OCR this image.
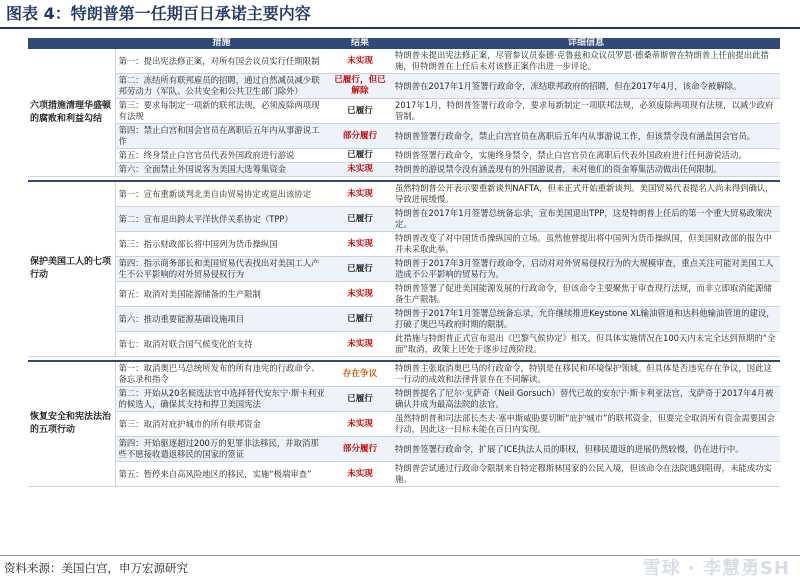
图表 4：特朗普第一任期百日承诺主要内容
	措施	结果	详细信息
六项措施清理华盛顿的腐败和利益勾结	第一：提出宪法修正案，对所有国会议员实行任期限制	未实现	特朗普未提出宪法修正案，尽管参议员泰德·克鲁兹和众议员罗恩·德桑蒂斯曾在特朗普上任前提出此措施，但特朗普在上任后未对该修正案作出进一步评论。
	第二：冻结所有联邦雇员的招聘，通过自然减员减少联邦劳动力（军队、公共安全和公共卫生部门除外）	已履行，但已解除	特朗普在2017年1月签署行政命令，冻结联邦政府的招聘，但在2017年4月，该命令被解除。
	第三：要求每制定一项新的联邦法规，必须废除两项现有法规	已履行	2017年1月，特朗普签署行政命令，要求每新制定一项联邦法规，必须废除两项现有法规，以减少政府管制。
	第四：禁止白宫和国会官员在离职后五年内从事游说工作	部分履行	特朗普签署行政命令，禁止白宫官员在离职后五年内从事游说工作，但该禁令没有涵盖国会官员。
	第五：终身禁止白宫官员代表外国政府进行游说	已履行	特朗普签署行政命令，实施终身禁令，禁止白宫官员在离职后代表外国政府进行任何游说活动。
	第六：全面禁止外国说客为美国大选筹集资金	未实现	特朗普的游说禁令没有涵盖现有的外国游说者，未对他们的资金筹集活动做出任何限制。

保护美国工人的七项行动	第一：宣布重新谈判北美自由贸易协定或退出该协定	未实现	虽然特朗普公开表示要重新谈判NAFTA，但未正式开始重新谈判。美国贸易代表提名人尚未得到确认，导致进展缓慢。
	第二：宣布退出跨太平洋伙伴关系协定（TPP）	已履行	特朗普在2017年1月签署总统备忘录，宣布美国退出TPP，这是特朗普上任后的第一个重大贸易政策决定。
	第三：指示财政部长将中国列为货币操纵国	未实现	特朗普改变了对中国货币操纵国的立场。虽然他曾提出将中国列为货币操纵国，但美国财政部的报告中并未采取此举。
	第四：指示商务部长和美国贸易代表找出对美国工人产生不公平影响的对外贸易侵权行为	已履行	特朗普于2017年3月签署行政命令，启动对对外贸易侵权行为的大规模审查，重点关注可能对美国工人造成不公平影响的贸易行为。
	第五：取消对美国能源储备的生产限制	未实现	特朗普签署了促进美国能源发展的行政命令，但该命令主要聚焦于审查现行法规，而非立即取消能源储备生产限制。
	第六：推动重要能源基础设施项目	已履行	特朗普于2017年1月签署总统备忘录，允许继续推进Keystone XL输油管道和达科他输油管道的建设，打破了奥巴马政府时期的限制。
	第七：取消对联合国气候变化的支持	未实现	此措施与特朗普正式宣布退出《巴黎气候协定》相关，但具体实施情况在100天内未完全达到预期的“全面”取消，政策上还处于逐步过渡阶段。

恢复安全和宪法法治的五项行动	第一：取消奥巴马总统所发布的所有违宪的行政命令、备忘录和指令	存在争议	特朗普主张取消奥巴马的行政命令，特别是在移民和环境保护领域。但具体是否违宪存在争议，因此这一行动的成效和法律背景存在不同解读。
	第二：开始从20名候选法官中选择替代安东宁·斯卡利亚的候选人，确保其支持和捍卫美国宪法	已履行	特朗普提名了尼尔·戈萨奇（Neil Gorsuch）替代已故的安东宁·斯卡利亚法官，戈萨奇于2017年4月被确认并成为最高法院的法官。
	第三：取消对庇护城市的所有联邦资金	未实现	虽然特朗普和司法部长杰夫·塞申斯威胁要切断“庇护城市”的联邦资金，但要完全取消所有资金需要国会行动，因此这一目标未能在百日内实现。
	第四：开始驱逐超过200万的犯罪非法移民，并取消那些不愿接收遣返移民的国家的签证	部分履行	特朗普签署行政命令，扩展了ICE执法人员的职权，但移民遣返的进展仍然较慢，仍在进行中。
	第五：暂停来自高风险地区的移民，实施“极端审查”	未实现	特朗普尝试通过行政命令限制来自特定穆斯林国家的公民入境，但该命令在法院遇到阻碍，未能成功实施。
资料来源：美国白宫，申万宏源研究	雪球 · 李慧勇SH
